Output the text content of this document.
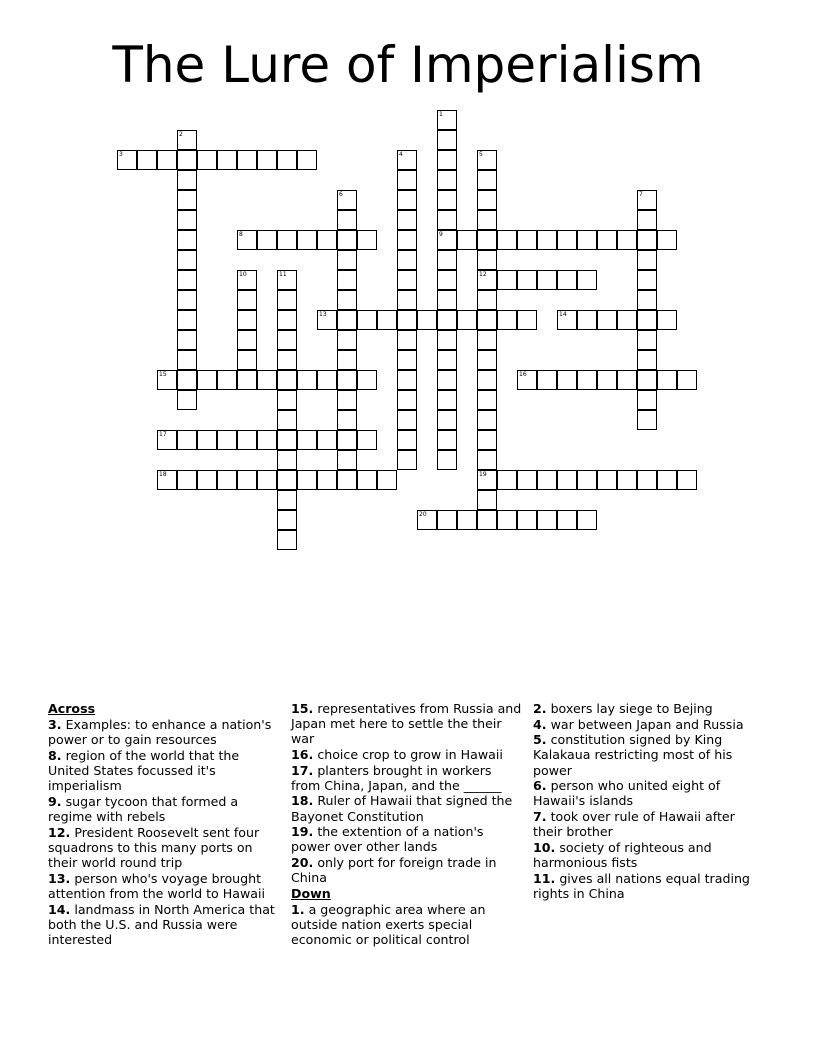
The Lure of Imperialism
3
8	9
12
13	14
15	16
17
18	19
20
1
2
4	5
6	7
10	11
Across
3. Examples: to enhance a nation's power or to gain resources
8. region of the world that the United States focussed it's imperialism
9. sugar tycoon that formed a regime with rebels
12. President Roosevelt sent four squadrons to this many ports on their world round trip
13. person who's voyage brought attention from the world to Hawaii
14. landmass in North America that both the U.S. and Russia were interested
15. representatives from Russia and Japan met here to settle the their war
16. choice crop to grow in Hawaii
17. planters brought in workers from China, Japan, and the ______
18. Ruler of Hawaii that signed the Bayonet Constitution
19. the extention of a nation's power over other lands
20. only port for foreign trade in China
Down
1. a geographic area where an outside nation exerts special economic or political control
2. boxers lay siege to Bejing
4. war between Japan and Russia
5. constitution signed by King Kalakaua restricting most of his power
6. person who united eight of Hawaii's islands
7. took over rule of Hawaii after their brother
10. society of righteous and harmonious fists
11. gives all nations equal trading rights in China
